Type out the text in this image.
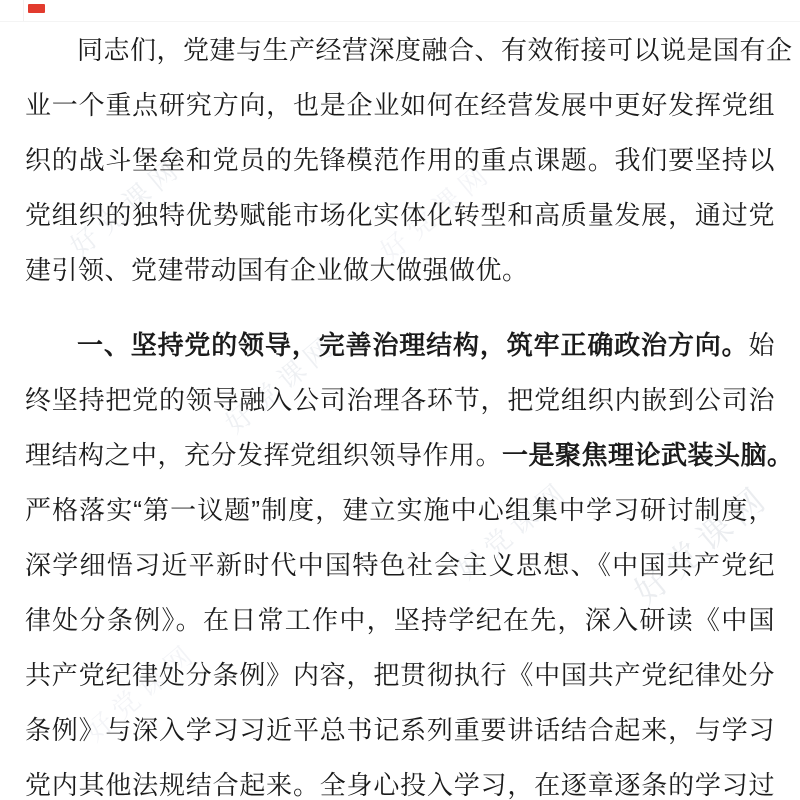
好党课网	好党课网
好党课网
好党课网 好党课网
好党课网

同志们，党建与生产经营深度融合、有效衔接可以说是国有企

业一个重点研究方向，也是企业如何在经营发展中更好发挥党组

织的战斗堡垒和党员的先锋模范作用的重点课题。我们要坚持以

党组织的独特优势赋能市场化实体化转型和高质量发展，通过党

建引领、党建带动国有企业做大做强做优。

一、坚持党的领导，完善治理结构，筑牢正确政治方向。始

终坚持把党的领导融入公司治理各环节，把党组织内嵌到公司治

理结构之中，充分发挥党组织领导作用。一是聚焦理论武装头脑。

严格落实“第一议题”制度，建立实施中心组集中学习研讨制度，

深学细悟习近平新时代中国特色社会主义思想、《中国共产党纪

律处分条例》。在日常工作中，坚持学纪在先，深入研读《中国

共产党纪律处分条例》内容，把贯彻执行《中国共产党纪律处分

条例》与深入学习习近平总书记系列重要讲话结合起来，与学习

党内其他法规结合起来。全身心投入学习，在逐章逐条的学习过
